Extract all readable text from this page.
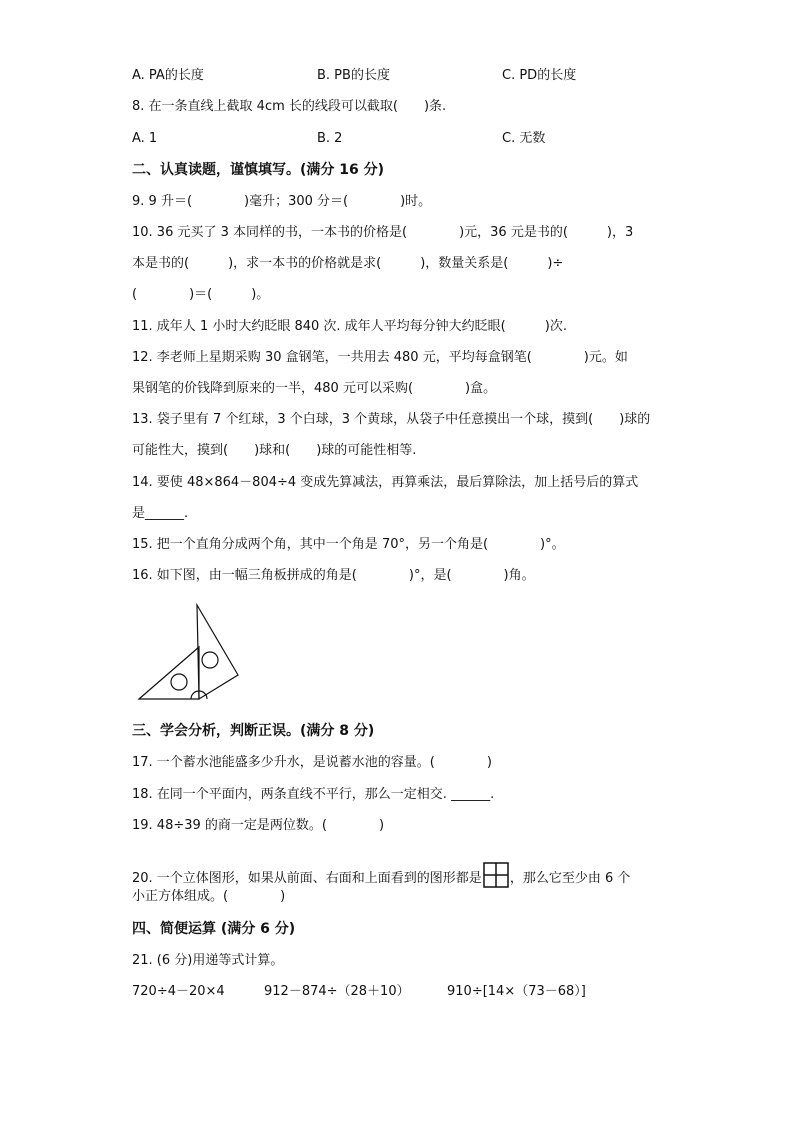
A. PA的长度	B. PB的长度	C. PD的长度
8. 在一条直线上截取 4cm 长的线段可以截取(　　)条.
A. 1	B. 2	C. 无数
二、认真读题，谨慎填写。(满分 16 分)
9. 9 升＝(　　　　)毫升；300 分＝(　　　　)时。
10. 36 元买了 3 本同样的书，一本书的价格是(　　　　)元，36 元是书的(　　　)，3
本是书的(　　　)，求一本书的价格就是求(　　　)，数量关系是(　　　)÷
(　　　　)＝(　　　)。
11. 成年人 1 小时大约眨眼 840 次. 成年人平均每分钟大约眨眼(　　　)次.
12. 李老师上星期采购 30 盒钢笔，一共用去 480 元，平均每盒钢笔(　　　　)元。如
果钢笔的价钱降到原来的一半，480 元可以采购(　　　　)盒。
13. 袋子里有 7 个红球，3 个白球，3 个黄球，从袋子中任意摸出一个球，摸到(　　)球的
可能性大，摸到(　　)球和(　　)球的可能性相等.
14. 要使 48×864－804÷4 变成先算减法，再算乘法，最后算除法，加上括号后的算式
是______.
15. 把一个直角分成两个角，其中一个角是 70°，另一个角是(　　　　)°。
16. 如下图，由一幅三角板拼成的角是(　　　　)°，是(　　　　)角。
三、学会分析，判断正误。(满分 8 分)
17. 一个蓄水池能盛多少升水，是说蓄水池的容量。(　　　　)
18. 在同一个平面内，两条直线不平行，那么一定相交. ______.
19. 48÷39 的商一定是两位数。(　　　　)
20. 一个立体图形，如果从前面、右面和上面看到的图形都是 ，那么它至少由 6 个
小正方体组成。(　　　　)
四、简便运算 (满分 6 分)
21. (6 分)用递等式计算。
720÷4－20×4	912－874÷（28＋10）	910÷[14×（73－68）]
